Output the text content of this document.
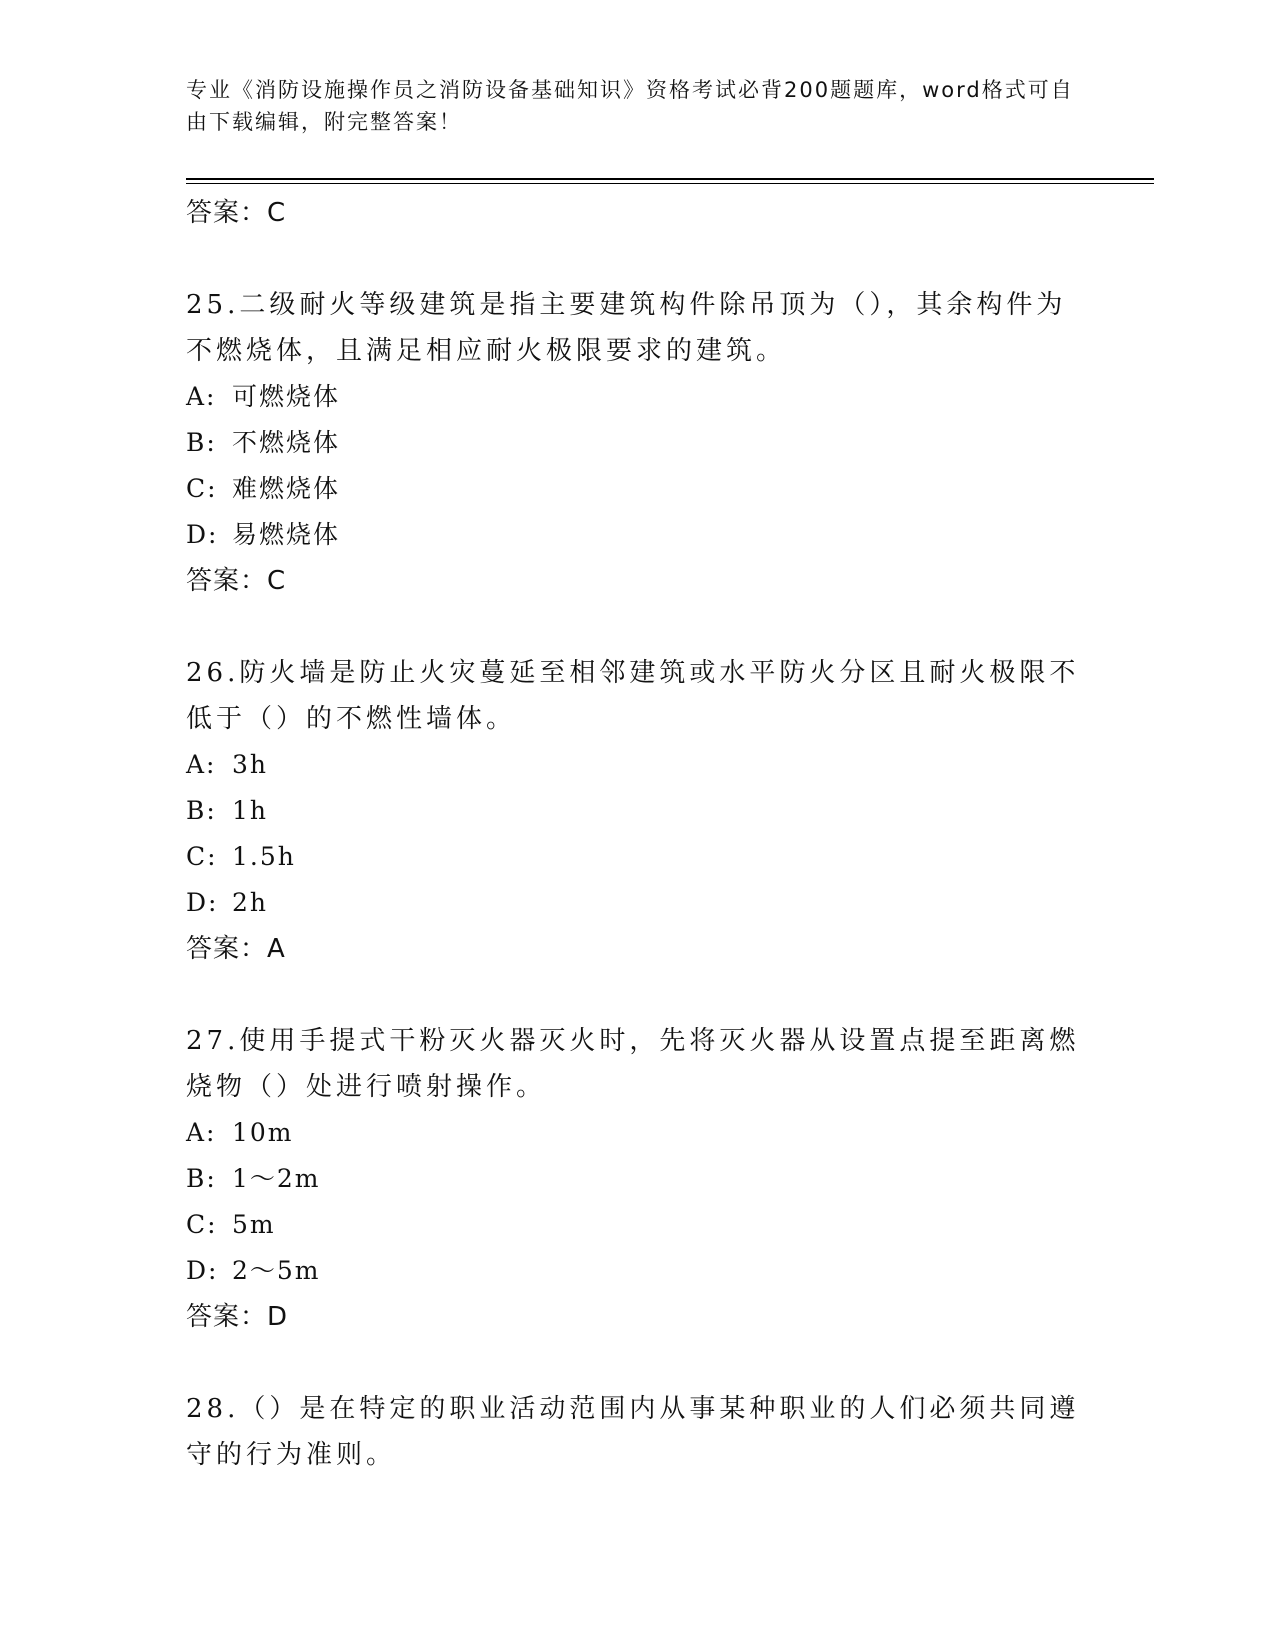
专业《消防设施操作员之消防设备基础知识》资格考试必背200题题库，word格式可自由下载编辑，附完整答案！

答案：C

25.二级耐火等级建筑是指主要建筑构件除吊顶为（），其余构件为不燃烧体，且满足相应耐火极限要求的建筑。

A: 可燃烧体

B: 不燃烧体

C: 难燃烧体

D: 易燃烧体

答案：C

26.防火墙是防止火灾蔓延至相邻建筑或水平防火分区且耐火极限不低于（）的不燃性墙体。

A: 3h

B: 1h

C: 1.5h

D: 2h

答案：A

27.使用手提式干粉灭火器灭火时，先将灭火器从设置点提至距离燃烧物（）处进行喷射操作。

A: 10m

B: 1～2m

C: 5m

D: 2～5m

答案：D

28.（）是在特定的职业活动范围内从事某种职业的人们必须共同遵守的行为准则。
